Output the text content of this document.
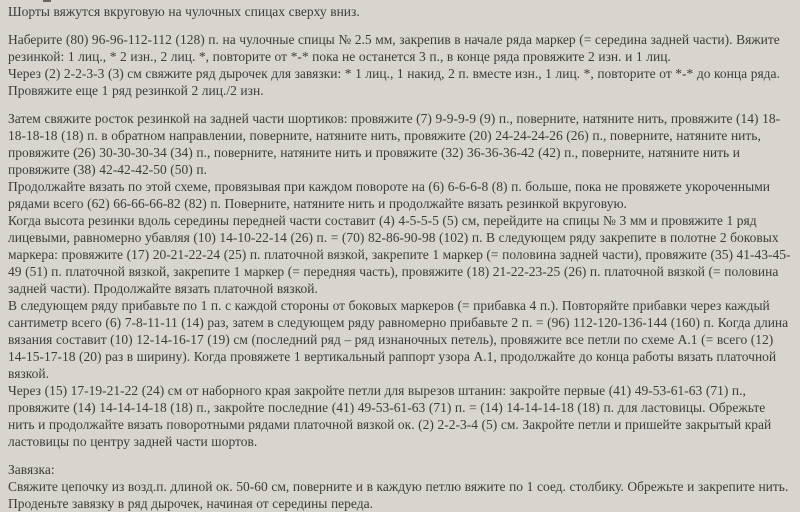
Шорты вяжутся вкруговую на чулочных спицах сверху вниз.

Наберите (80) 96-96-112-112 (128) п. на чулочные спицы № 2.5 мм, закрепив в начале ряда маркер (= середина задней части). Вяжите резинкой: 1 лиц., * 2 изн., 2 лиц. *, повторите от *-* пока не останется 3 п., в конце ряда провяжите 2 изн. и 1 лиц.

Через (2) 2-2-3-3 (3) см свяжите ряд дырочек для завязки: * 1 лиц., 1 накид, 2 п. вместе изн., 1 лиц. *, повторите от *-* до конца ряда. Провяжите еще 1 ряд резинкой 2 лиц./2 изн.

Затем свяжите росток резинкой на задней части шортиков: провяжите (7) 9-9-9-9 (9) п., поверните, натяните нить, провяжите (14) 18-18-18-18 (18) п. в обратном направлении, поверните, натяните нить, провяжите (20) 24-24-24-26 (26) п., поверните, натяните нить, провяжите (26) 30-30-30-34 (34) п., поверните, натяните нить и провяжите (32) 36-36-36-42 (42) п., поверните, натяните нить и провяжите (38) 42-42-42-50 (50) п.

Продолжайте вязать по этой схеме, провязывая при каждом повороте на (6) 6-6-6-8 (8) п. больше, пока не провяжете укороченными рядами всего (62) 66-66-66-82 (82) п. Поверните, натяните нить и продолжайте вязать резинкой вкруговую.

Когда высота резинки вдоль середины передней части составит (4) 4-5-5-5 (5) см, перейдите на спицы № 3 мм и провяжите 1 ряд лицевыми, равномерно убавляя (10) 14-10-22-14 (26) п. = (70) 82-86-90-98 (102) п. В следующем ряду закрепите в полотне 2 боковых маркера: провяжите (17) 20-21-22-24 (25) п. платочной вязкой, закрепите 1 маркер (= половина задней части), провяжите (35) 41-43-45-49 (51) п. платочной вязкой, закрепите 1 маркер (= передняя часть), провяжите (18) 21-22-23-25 (26) п. платочной вязкой (= половина задней части). Продолжайте вязать платочной вязкой.

В следующем ряду прибавьте по 1 п. с каждой стороны от боковых маркеров (= прибавка 4 п.). Повторяйте прибавки через каждый сантиметр всего (6) 7-8-11-11 (14) раз, затем в следующем ряду равномерно прибавьте 2 п. = (96) 112-120-136-144 (160) п. Когда длина вязания составит (10) 12-14-16-17 (19) см (последний ряд – ряд изнаночных петель), провяжите все петли по схеме А.1 (= всего (12) 14-15-17-18 (20) раз в ширину). Когда провяжете 1 вертикальный раппорт узора А.1, продолжайте до конца работы вязать платочной вязкой.

Через (15) 17-19-21-22 (24) см от наборного края закройте петли для вырезов штанин: закройте первые (41) 49-53-61-63 (71) п., провяжите (14) 14-14-14-18 (18) п., закройте последние (41) 49-53-61-63 (71) п. = (14) 14-14-14-18 (18) п. для ластовицы. Обрежьте нить и продолжайте вязать поворотными рядами платочной вязкой ок. (2) 2-2-3-4 (5) см. Закройте петли и пришейте закрытый край ластовицы по центру задней части шортов.

Завязка:

Свяжите цепочку из возд.п. длиной ок. 50-60 см, поверните и в каждую петлю вяжите по 1 соед. столбику. Обрежьте и закрепите нить.

Проденьте завязку в ряд дырочек, начиная от середины переда.
